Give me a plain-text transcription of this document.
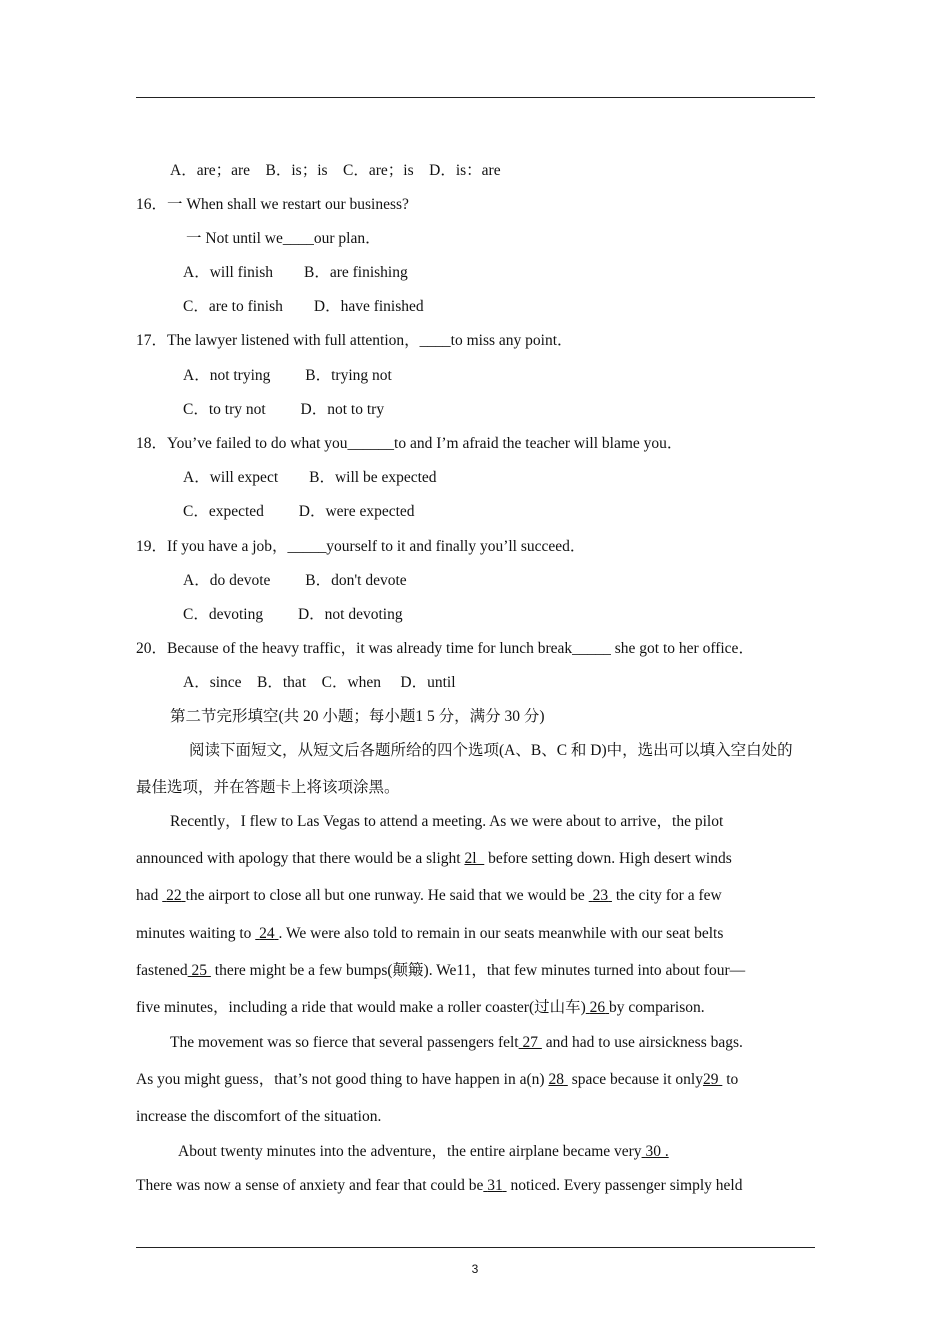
A．are；are　B．is；is　C．are；is　D．is：are
16．一 When shall we restart our business?
一 Not until we____our plan．
A．will finish　　B．are finishing
C．are to finish　　D．have finished
17．The lawyer listened with full attention，____to miss any point．
A．not trying　　 B．trying not
C．to try not　　 D．not to try
18．You’ve failed to do what you______to and I’m afraid the teacher will blame you．
A．will expect　　B．will be expected
C．expected　　 D．were expected
19．If you have a job，_____yourself to it and finally you’ll succeed．
A．do devote　　 B．don't devote
C．devoting　　 D．not devoting
20．Because of the heavy traffic，it was already time for lunch break_____ she got to her office．
A．since　B．that　C．when　 D．until
第二节完形填空(共 20 小题；每小题1 5 分，满分 30 分)
阅读下面短文，从短文后各题所给的四个选项(A、B、C 和 D)中，选出可以填入空白处的
最佳选项，并在答题卡上将该项涂黑。
Recently，I flew to Las Vegas to attend a meeting. As we were about to arrive，the pilot
announced with apology that there would be a slight 2l   before setting down. High desert winds
had  22 the airport to close all but one runway. He said that we would be  23  the city for a few
minutes waiting to  24 . We were also told to remain in our seats meanwhile with our seat belts
fastened 25  there might be a few bumps(颠簸). We11，that few minutes turned into about four—
five minutes，including a ride that would make a roller coaster(过山车) 26 by comparison.
The movement was so fierce that several passengers felt 27  and had to use airsickness bags.
As you might guess，that’s not good thing to have happen in a(n) 28  space because it only29  to
increase the discomfort of the situation.
About twenty minutes into the adventure，the entire airplane became very 30 .
There was now a sense of anxiety and fear that could be 31  noticed. Every passenger simply held
3
